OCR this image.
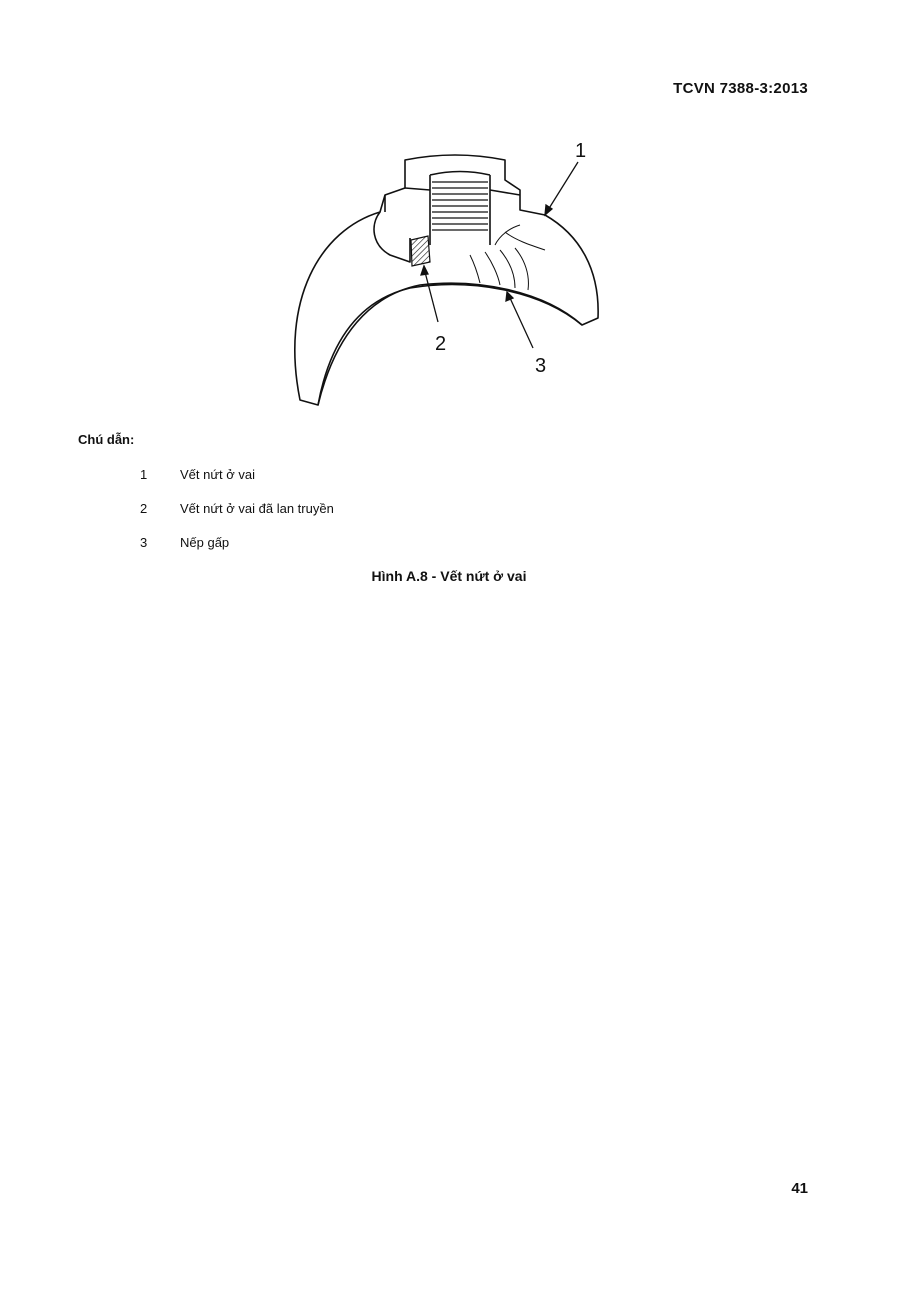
TCVN 7388-3:2013
1
2
3
Chú dẫn:
1	Vết nứt ở vai
2	Vết nứt ở vai đã lan truyền
3	Nếp gấp
Hình A.8 - Vết nứt ở vai
41
